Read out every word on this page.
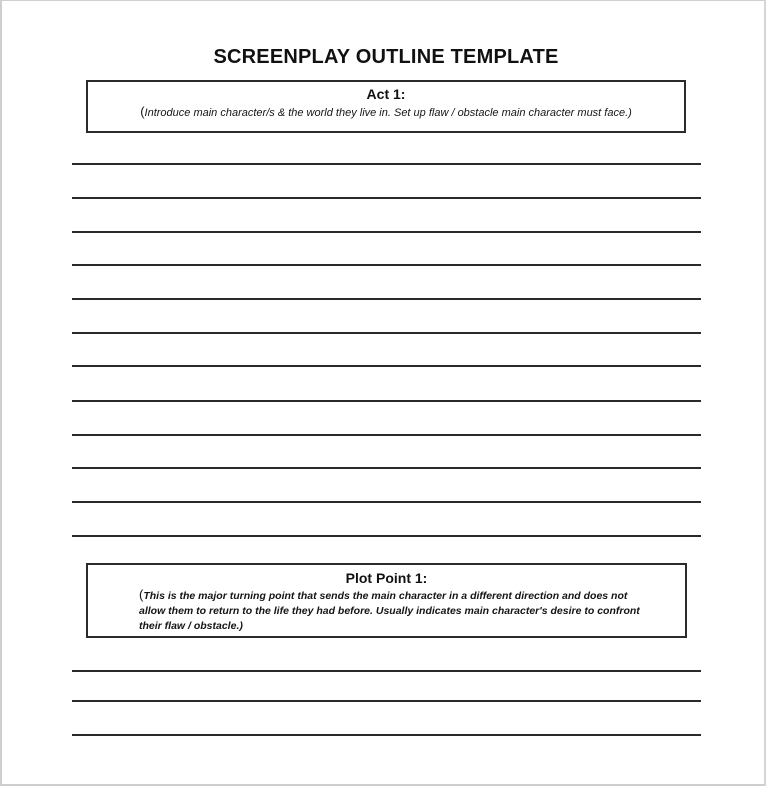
SCREENPLAY OUTLINE TEMPLATE
Act 1:
(Introduce main character/s & the world they live in. Set up flaw / obstacle main character must face.)
Plot Point 1:
(This is the major turning point that sends the main character in a different direction and does not allow them to return to the life they had before. Usually indicates main character's desire to confront their flaw / obstacle.)
